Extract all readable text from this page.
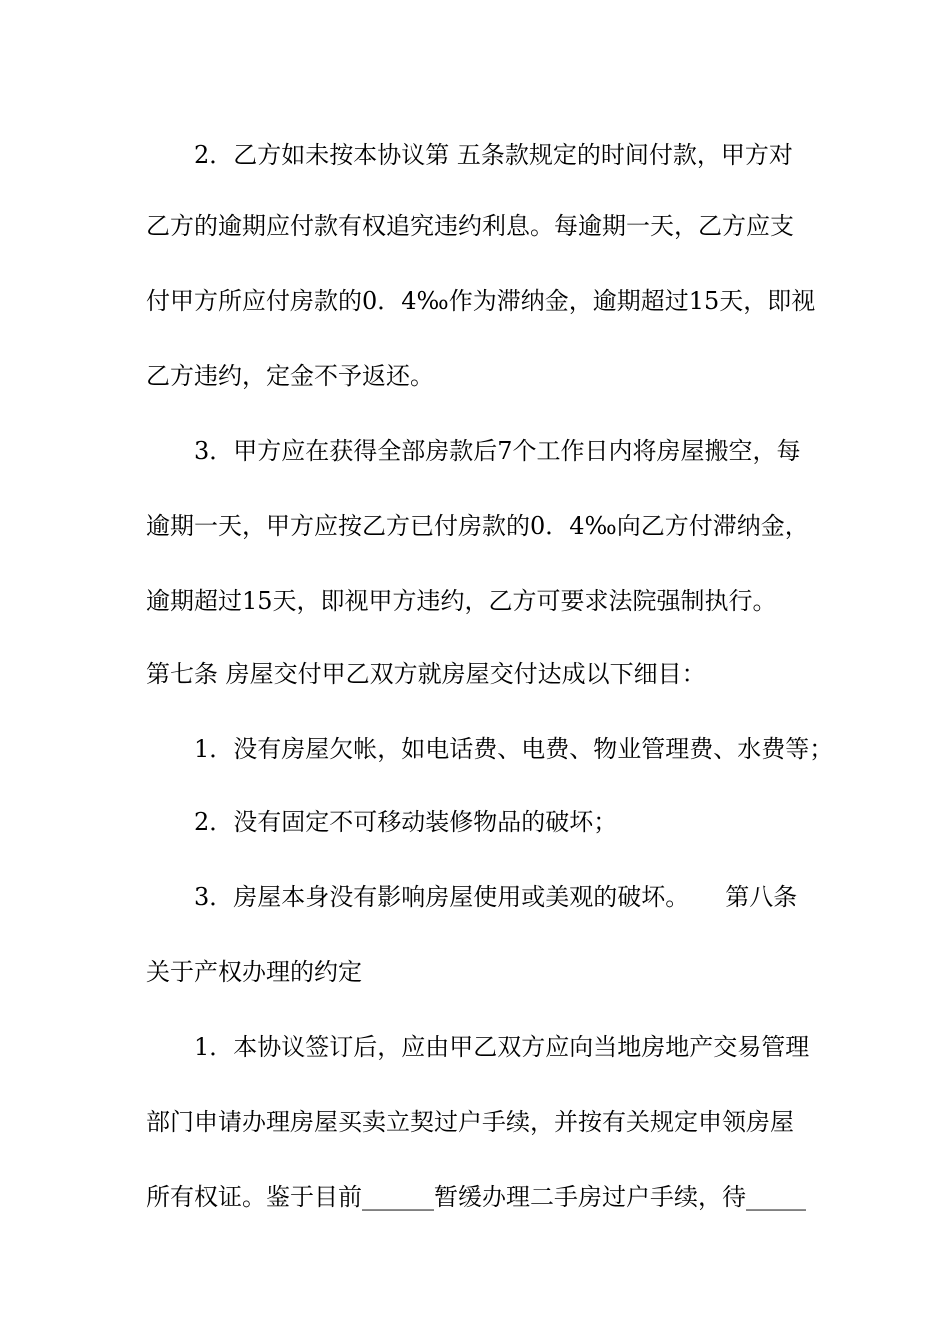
2．乙方如未按本协议第 五条款规定的时间付款，甲方对
乙方的逾期应付款有权追究违约利息。每逾期一天，乙方应支
付甲方所应付房款的0．4‰作为滞纳金，逾期超过15天，即视
乙方违约，定金不予返还。
3．甲方应在获得全部房款后7个工作日内将房屋搬空，每
逾期一天，甲方应按乙方已付房款的0．4‰向乙方付滞纳金，
逾期超过15天，即视甲方违约，乙方可要求法院强制执行。
第七条 房屋交付甲乙双方就房屋交付达成以下细目：
1．没有房屋欠帐，如电话费、电费、物业管理费、水费等；
2．没有固定不可移动装修物品的破坏；
3．房屋本身没有影响房屋使用或美观的破坏。　　第八条
关于产权办理的约定
1．本协议签订后，应由甲乙双方应向当地房地产交易管理
部门申请办理房屋买卖立契过户手续，并按有关规定申领房屋
所有权证。鉴于目前______暂缓办理二手房过户手续，待_____
